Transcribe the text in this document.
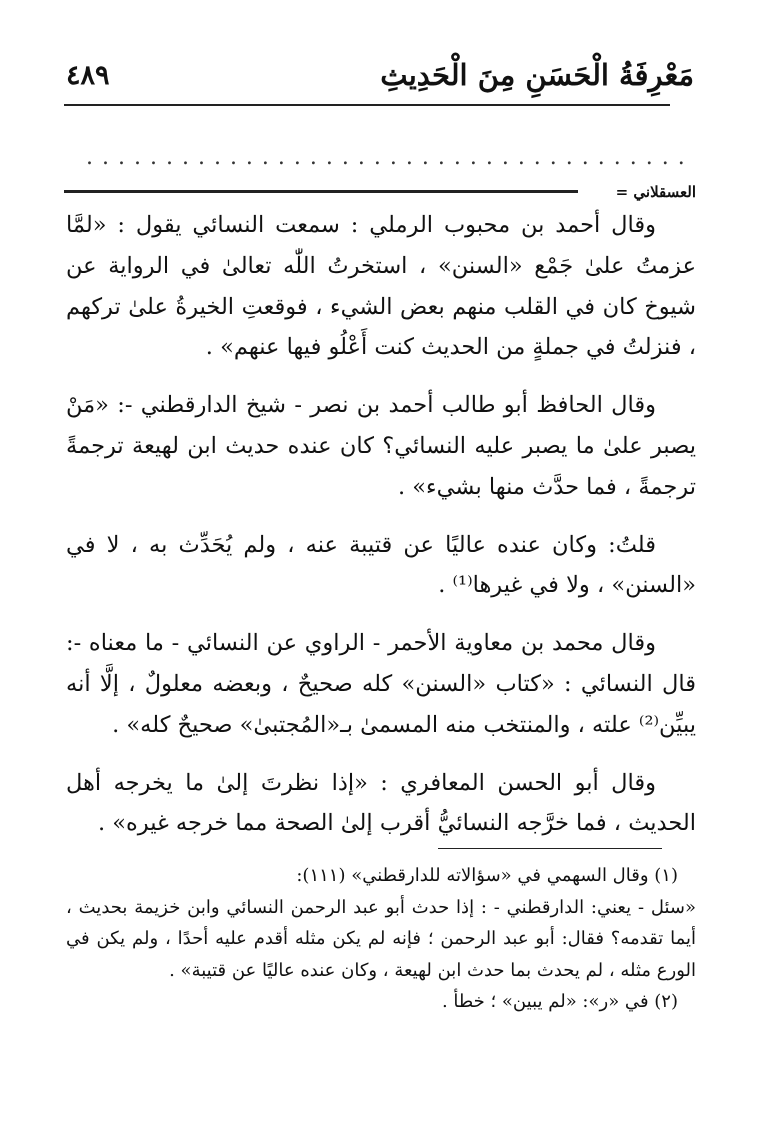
مَعْرِفَةُ الْحَسَنِ مِنَ الْحَدِيثِ
٤٨٩
......................................
العسقلاني =

وقال أحمد بن محبوب الرملي : سمعت النسائي يقول : «لمَّا عزمتُ علىٰ جَمْع «السنن» ، استخرتُ اللّٰه تعالىٰ في الرواية عن شيوخ كان في القلب منهم بعض الشيء ، فوقعتِ الخيرةُ علىٰ تركهم ، فنزلتُ في جملةٍ من الحديث كنت أَعْلُو فيها عنهم» .

وقال الحافظ أبو طالب أحمد بن نصر - شيخ الدارقطني -: «مَنْ يصبر علىٰ ما يصبر عليه النسائي؟ كان عنده حديث ابن لهيعة ترجمةً ترجمةً ، فما حدَّث منها بشيء» .

قلتُ: وكان عنده عاليًا عن قتيبة عنه ، ولم يُحَدِّث به ، لا في «السنن» ، ولا في غيرها⁽¹⁾ .

وقال محمد بن معاوية الأحمر - الراوي عن النسائي - ما معناه -: قال النسائي : «كتاب «السنن» كله صحيحٌ ، وبعضه معلولٌ ، إلَّا أنه يبيِّن⁽²⁾ علته ، والمنتخب منه المسمىٰ بـ«المُجتبىٰ» صحيحٌ كله» .

وقال أبو الحسن المعافري : «إذا نظرتَ إلىٰ ما يخرجه أهل الحديث ، فما خرَّجه النسائيُّ أقرب إلىٰ الصحة مما خرجه غيره» .

(١) وقال السهمي في «سؤالاته للدارقطني» (١١١):

«سئل - يعني: الدارقطني - : إذا حدث أبو عبد الرحمن النسائي وابن خزيمة بحديث ، أيما تقدمه؟ فقال: أبو عبد الرحمن ؛ فإنه لم يكن مثله أقدم عليه أحدًا ، ولم يكن في الورع مثله ، لم يحدث بما حدث ابن لهيعة ، وكان عنده عاليًا عن قتيبة» .

(٢) في «ر»: «لم يبين» ؛ خطأ .
